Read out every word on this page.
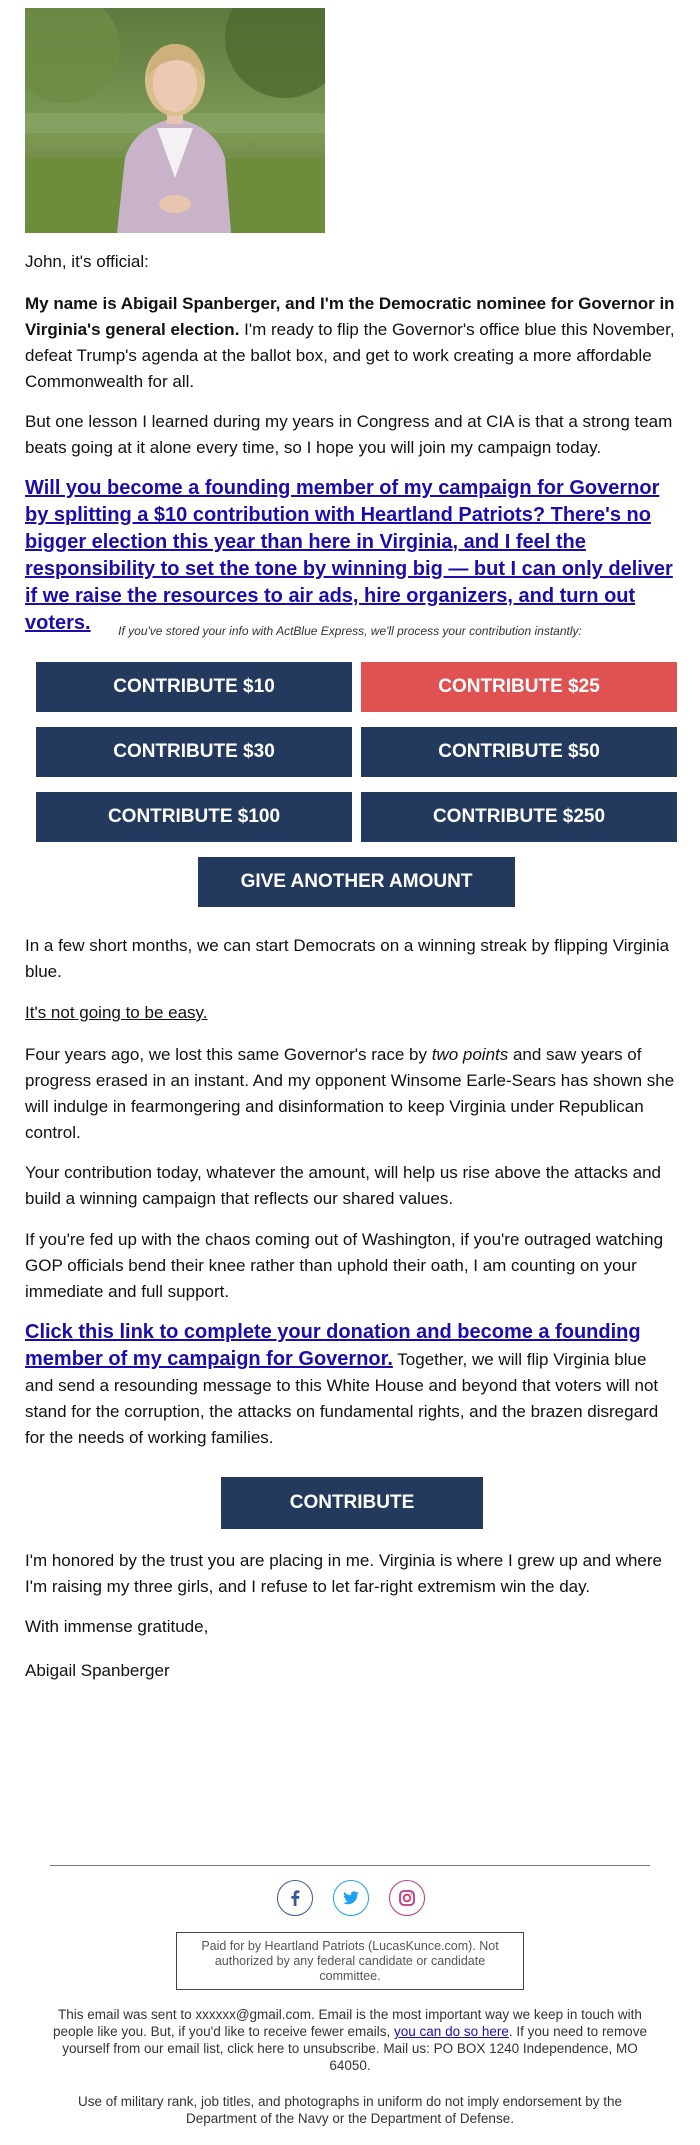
John, it's official:

My name is Abigail Spanberger, and I'm the Democratic nominee for Governor in Virginia's general election. I'm ready to flip the Governor's office blue this November, defeat Trump's agenda at the ballot box, and get to work creating a more affordable Commonwealth for all.

But one lesson I learned during my years in Congress and at CIA is that a strong team beats going at it alone every time, so I hope you will join my campaign today.

Will you become a founding member of my campaign for Governor by splitting a $10 contribution with Heartland Patriots? There's no bigger election this year than here in Virginia, and I feel the responsibility to set the tone by winning big — but I can only deliver if we raise the resources to air ads, hire organizers, and turn out voters.	If you've stored your info with ActBlue Express, we'll process your contribution instantly:
CONTRIBUTE $10	CONTRIBUTE $25
CONTRIBUTE $30	CONTRIBUTE $50
CONTRIBUTE $100	CONTRIBUTE $250
GIVE ANOTHER AMOUNT

In a few short months, we can start Democrats on a winning streak by flipping Virginia blue.

It's not going to be easy.

Four years ago, we lost this same Governor's race by two points and saw years of progress erased in an instant. And my opponent Winsome Earle-Sears has shown she will indulge in fearmongering and disinformation to keep Virginia under Republican control.

Your contribution today, whatever the amount, will help us rise above the attacks and build a winning campaign that reflects our shared values.

If you're fed up with the chaos coming out of Washington, if you're outraged watching GOP officials bend their knee rather than uphold their oath, I am counting on your immediate and full support.

Click this link to complete your donation and become a founding member of my campaign for Governor. Together, we will flip Virginia blue and send a resounding message to this White House and beyond that voters will not stand for the corruption, the attacks on fundamental rights, and the brazen disregard for the needs of working families.

CONTRIBUTE

I'm honored by the trust you are placing in me. Virginia is where I grew up and where I'm raising my three girls, and I refuse to let far-right extremism win the day.

With immense gratitude,

Abigail Spanberger

Paid for by Heartland Patriots (LucasKunce.com). Not authorized by any federal candidate or candidate committee.
This email was sent to xxxxxx@gmail.com. Email is the most important way we keep in touch with people like you. But, if you'd like to receive fewer emails, you can do so here. If you need to remove yourself from our email list, click here to unsubscribe. Mail us: PO BOX 1240 Independence, MO 64050.
Use of military rank, job titles, and photographs in uniform do not imply endorsement by the Department of the Navy or the Department of Defense.
